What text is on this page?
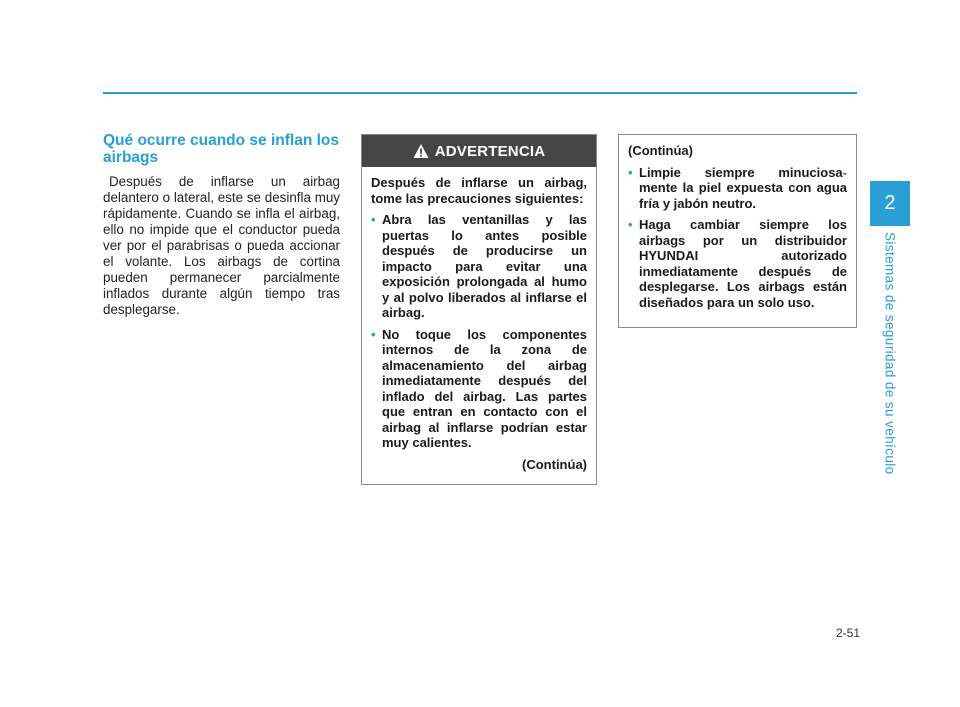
Qué ocurre cuando se inflan los airbags

Después de inflarse un airbag delantero o lateral, este se desinfla muy rápidamente. Cuando se infla el airbag, ello no impide que el conductor pueda ver por el parabrisas o pueda accionar el volante. Los airbags de cortina pueden permanecer parcialmente inflados durante algún tiempo tras desplegarse.

ADVERTENCIA

Después de inflarse un airbag, tome las precauciones siguientes:

• Abra las ventanillas y las puertas lo antes posible después de producirse un impacto para evitar una exposición prolongada al humo y al polvo liberados al inflarse el airbag.
• No toque los componentes internos de la zona de almacenamiento del airbag inmediatamente después del inflado del airbag. Las partes que entran en contacto con el airbag al inflarse podrían estar muy calientes.

(Continúa)

(Continúa)

• Limpie siempre minuciosa- mente la piel expuesta con agua fría y jabón neutro.
• Haga cambiar siempre los airbags por un distribuidor HYUNDAI autorizado inmediatamente después de desplegarse. Los airbags están diseñados para un solo uso.
2
Sistemas de seguridad de su vehículo
2-51
